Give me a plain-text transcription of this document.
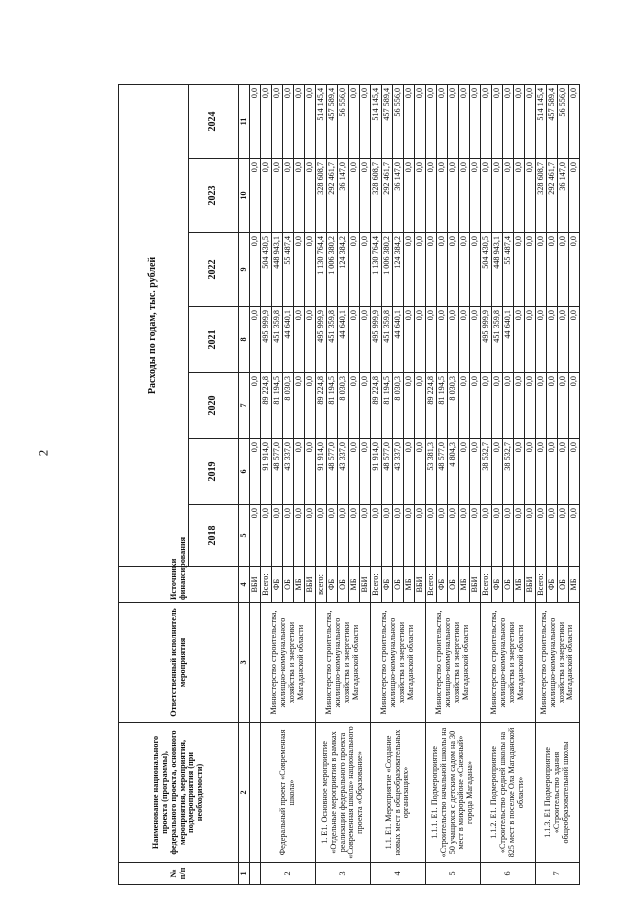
2
№ п/п	Наименование национального проекта (программы), федерального проекта, основного мероприятия, мероприятия, подмероприятия (при необходимости)	Ответственный исполнитель мероприятия	Источники финансирования	Расходы по годам, тыс. рублей						
				2018	2019	2020	2021	2022	2023	2024
1	2	3	4	5	6	7	8	9	10	11
			ВБИ	0,0	0,0	0,0	0,0	0,0	0,0	0,0
2	Федеральный проект «Современная школа»	Министерство строительства, жилищно-коммунального хозяйства и энергетики Магаданской области	Всего:	0,0	91 914,0	89 224,8	495 999,9	504 430,5	0,0	0,0
			ФБ	0,0	48 577,0	81 194,5	451 359,8	448 943,1	0,0	0,0
			ОБ	0,0	43 337,0	8 030,3	44 640,1	55 487,4	0,0	0,0
			МБ	0,0	0,0	0,0	0,0	0,0	0,0	0,0
			ВБИ	0,0	0,0	0,0	0,0	0,0	0,0	0,0
3	1. Е1. Основное мероприятие «Отдельные мероприятия в рамках реализации федерального проекта «Современная школа» национального проекта «Образование»	Министерство строительства, жилищно-коммунального хозяйства и энергетики Магаданской области	всего:	0,0	91 914,0	89 224,8	495 999,9	1 130 764,4	328 608,7	514 145,4
			ФБ	0,0	48 577,0	81 194,5	451 359,8	1 006 380,2	292 461,7	457 589,4
			ОБ	0,0	43 337,0	8 030,3	44 640,1	124 384,2	36 147,0	56 556,0
			МБ	0,0	0,0	0,0	0,0	0,0	0,0	0,0
			ВБИ	0,0	0,0	0,0	0,0	0,0	0,0	0,0
4	1.1. Е1. Мероприятие «Создание новых мест в общеобразовательных организациях»	Министерство строительства, жилищно-коммунального хозяйства и энергетики Магаданской области	Всего:	0,0	91 914,0	89 224,8	495 999,9	1 130 764,4	328 608,7	514 145,4
			ФБ	0,0	48 577,0	81 194,5	451 359,8	1 006 380,2	292 461,7	457 589,4
			ОБ	0,0	43 337,0	8 030,3	44 640,1	124 384,2	36 147,0	56 556,0
			МБ	0,0	0,0	0,0	0,0	0,0	0,0	0,0
			ВБИ	0,0	0,0	0,0	0,0	0,0	0,0	0,0
5	1.1.1. Е1. Подмероприятие «Строительство начальной школы на 50 учащихся с детским садом на 30 мест в микрорайоне «Снежный» города Магадана»	Министерство строительства, жилищно-коммунального хозяйства и энергетики Магаданской области	Всего:	0,0	53 381,3	89 224,8	0,0	0,0	0,0	0,0
			ФБ	0,0	48 577,0	81 194,5	0,0	0,0	0,0	0,0
			ОБ	0,0	4 804,3	8 030,3	0,0	0,0	0,0	0,0
			МБ	0,0	0,0	0,0	0,0	0,0	0,0	0,0
			ВБИ	0,0	0,0	0,0	0,0	0,0	0,0	0,0
6	1.1.2. Е1. Подмероприятие «Строительство средней школы на 825 мест в поселке Ола Магаданской области»	Министерство строительства, жилищно-коммунального хозяйства и энергетики Магаданской области	Всего:	0,0	38 532,7	0,0	495 999,9	504 430,5	0,0	0,0
			ФБ	0,0	0,0	0,0	451 359,8	448 943,1	0,0	0,0
			ОБ	0,0	38 532,7	0,0	44 640,1	55 487,4	0,0	0,0
			МБ	0,0	0,0	0,0	0,0	0,0	0,0	0,0
			ВБИ	0,0	0,0	0,0	0,0	0,0	0,0	0,0
7	1.1.3. Е1 Подмероприятие «Строительство здания общеобразовательной школы	Министерство строительства, жилищно-коммунального хозяйства и энергетики Магаданской области	Всего:	0,0	0,0	0,0	0,0	0,0	328 608,7	514 145,4
			ФБ	0,0	0,0	0,0	0,0	0,0	292 461,7	457 589,4
			ОБ	0,0	0,0	0,0	0,0	0,0	36 147,0	56 556,0
			МБ	0,0	0,0	0,0	0,0	0,0	0,0	0,0
